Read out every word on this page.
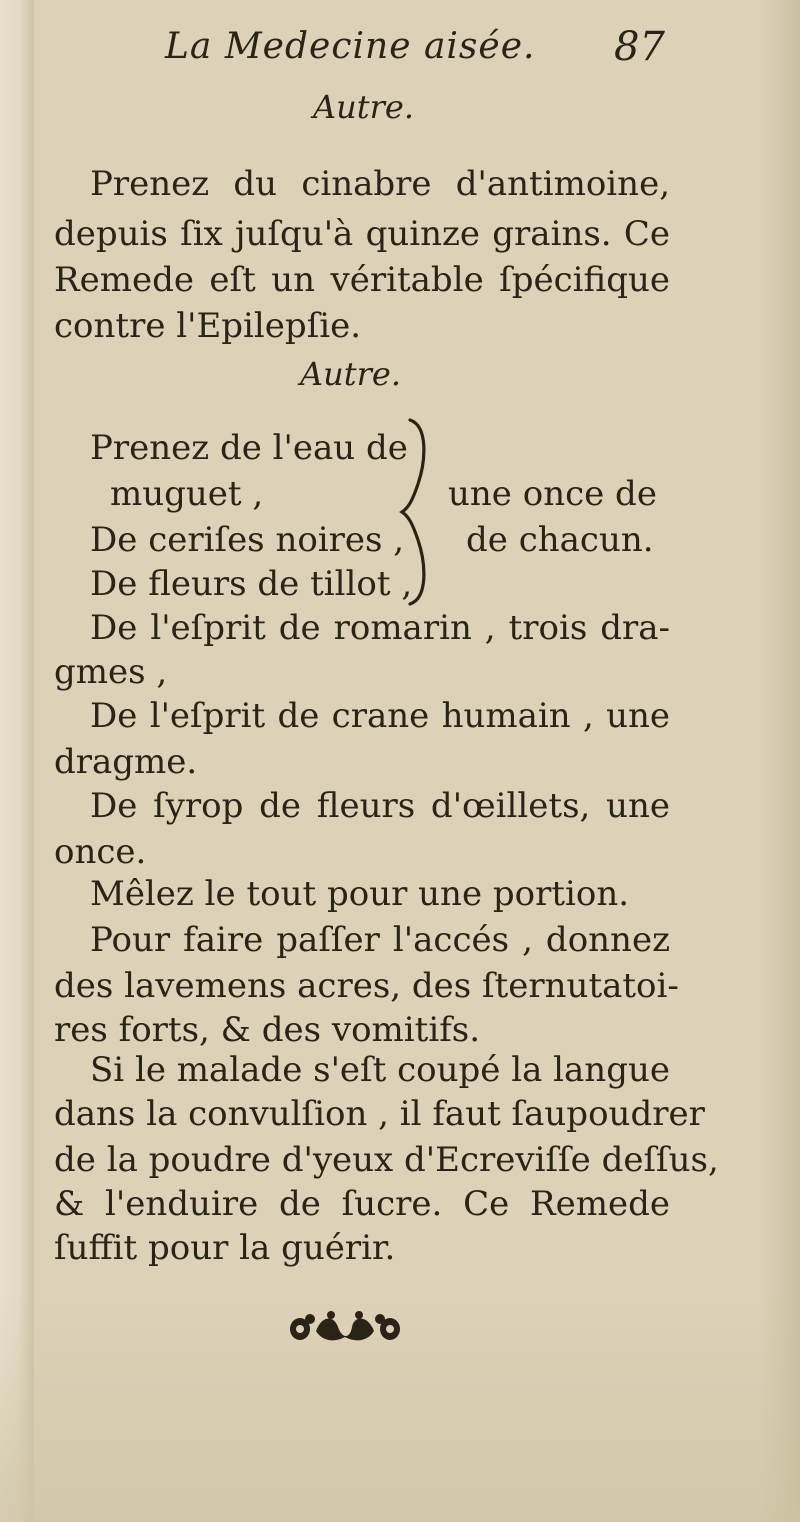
La Medecine aisée. 87
Autre.
Prenez du cinabre d'antimoine,
depuis ſix juſqu'à quinze grains. Ce
Remede eſt un véritable ſpécifique
contre l'Epilepſie.
Autre.
Prenez de l'eau de
muguet ,
De ceriſes noires ,
De fleurs de tillot ,
une once de
de chacun.
De l'eſprit de romarin , trois dra-
gmes ,
De l'eſprit de crane humain , une
dragme.
De ſyrop de fleurs d'œillets, une
once.
Mêlez le tout pour une portion.
Pour faire paſſer l'accés , donnez
des lavemens acres, des ſternutatoi-
res forts, & des vomitifs.
Si le malade s'eſt coupé la langue
dans la convulſion , il faut ſaupoudrer
de la poudre d'yeux d'Ecreviſſe deſſus,
& l'enduire de ſucre. Ce Remede
ſuffit pour la guérir.
